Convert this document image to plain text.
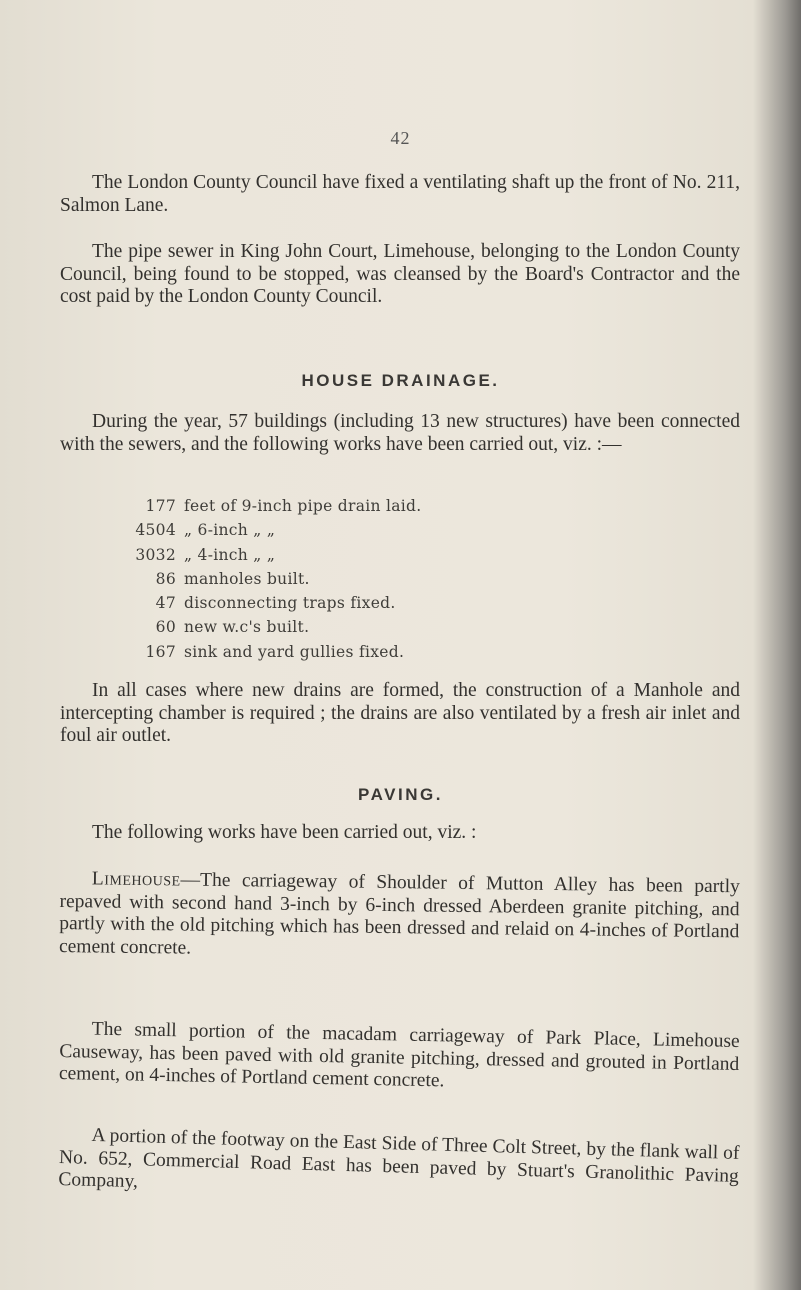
42

The London County Council have fixed a ventilating shaft up the front of No. 211, Salmon Lane.

The pipe sewer in King John Court, Limehouse, belonging to the London County Council, being found to be stopped, was cleansed by the Board's Contractor and the cost paid by the London County Council.

HOUSE DRAINAGE.

During the year, 57 buildings (including 13 new structures) have been connected with the sewers, and the following works have been carried out, viz. :—

177 feet of 9-inch pipe drain laid.
4504 „ 6-inch „ „
3032 „ 4-inch „ „
86 manholes built.
47 disconnecting traps fixed.
60 new w.c's built.
167 sink and yard gullies fixed.

In all cases where new drains are formed, the construction of a Manhole and intercepting chamber is required ; the drains are also ventilated by a fresh air inlet and foul air outlet.

PAVING.

The following works have been carried out, viz. :

Limehouse—The carriageway of Shoulder of Mutton Alley has been partly repaved with second hand 3-inch by 6-inch dressed Aberdeen granite pitching, and partly with the old pitching which has been dressed and relaid on 4-inches of Portland cement concrete.

The small portion of the macadam carriageway of Park Place, Limehouse Causeway, has been paved with old granite pitching, dressed and grouted in Portland cement, on 4-inches of Portland cement concrete.

A portion of the footway on the East Side of Three Colt Street, by the flank wall of No. 652, Commercial Road East has been paved by Stuart's Granolithic Paving Company,
